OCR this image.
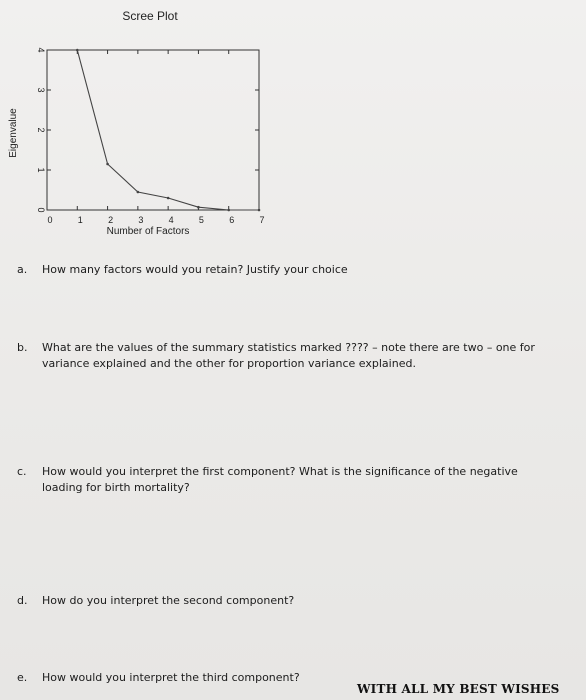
Scree Plot
0	1	2	3	4	5	6	7
0
1
2
3
4
Number of Factors
Eigenvalue
a. How many factors would you retain? Justify your choice
b. What are the values of the summary statistics marked ???? – note there are two – one for variance explained and the other for proportion variance explained.
c. How would you interpret the first component? What is the significance of the negative loading for birth mortality?
d. How do you interpret the second component?
e. How would you interpret the third component?
WITH ALL MY BEST WISHES
